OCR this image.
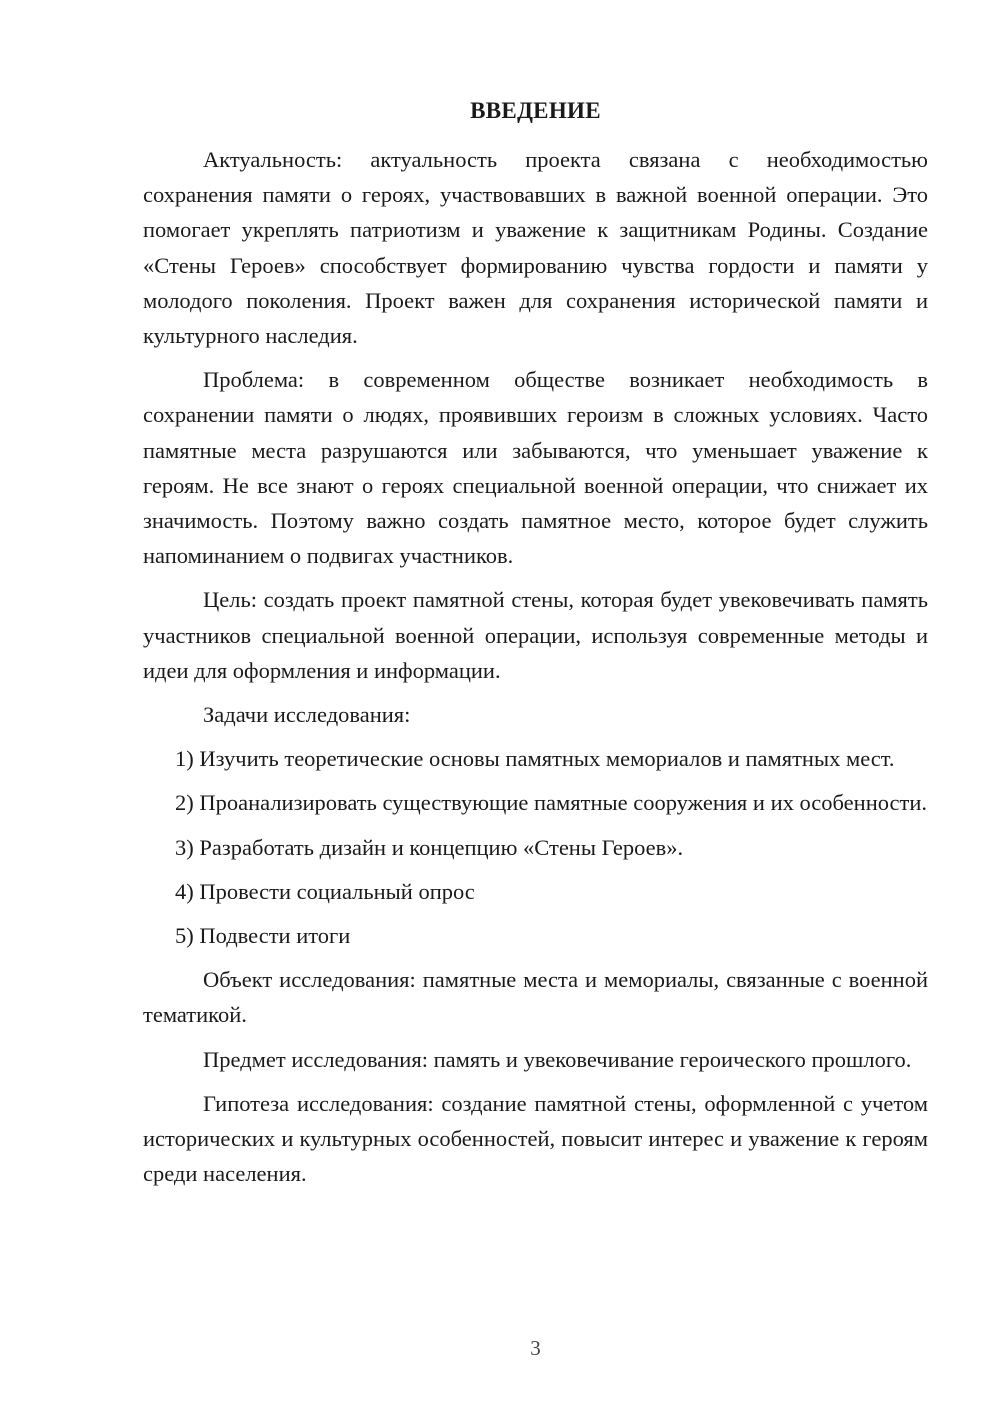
ВВЕДЕНИЕ

Актуальность: актуальность проекта связана с необходимостью сохранения памяти о героях, участвовавших в важной военной операции. Это помогает укреплять патриотизм и уважение к защитникам Родины. Создание «Стены Героев» способствует формированию чувства гордости и памяти у молодого поколения. Проект важен для сохранения исторической памяти и культурного наследия.

Проблема: в современном обществе возникает необходимость в сохранении памяти о людях, проявивших героизм в сложных условиях. Часто памятные места разрушаются или забываются, что уменьшает уважение к героям. Не все знают о героях специальной военной операции, что снижает их значимость. Поэтому важно создать памятное место, которое будет служить напоминанием о подвигах участников.

Цель: создать проект памятной стены, которая будет увековечивать память участников специальной военной операции, используя современные методы и идеи для оформления и информации.

Задачи исследования:

1) Изучить теоретические основы памятных мемориалов и памятных мест.

2) Проанализировать существующие памятные сооружения и их особенности.

3) Разработать дизайн и концепцию «Стены Героев».

4) Провести социальный опрос

5) Подвести итоги

Объект исследования: памятные места и мемориалы, связанные с военной тематикой.

Предмет исследования: память и увековечивание героического прошлого.

Гипотеза исследования: создание памятной стены, оформленной с учетом исторических и культурных особенностей, повысит интерес и уважение к героям среди населения.

3
